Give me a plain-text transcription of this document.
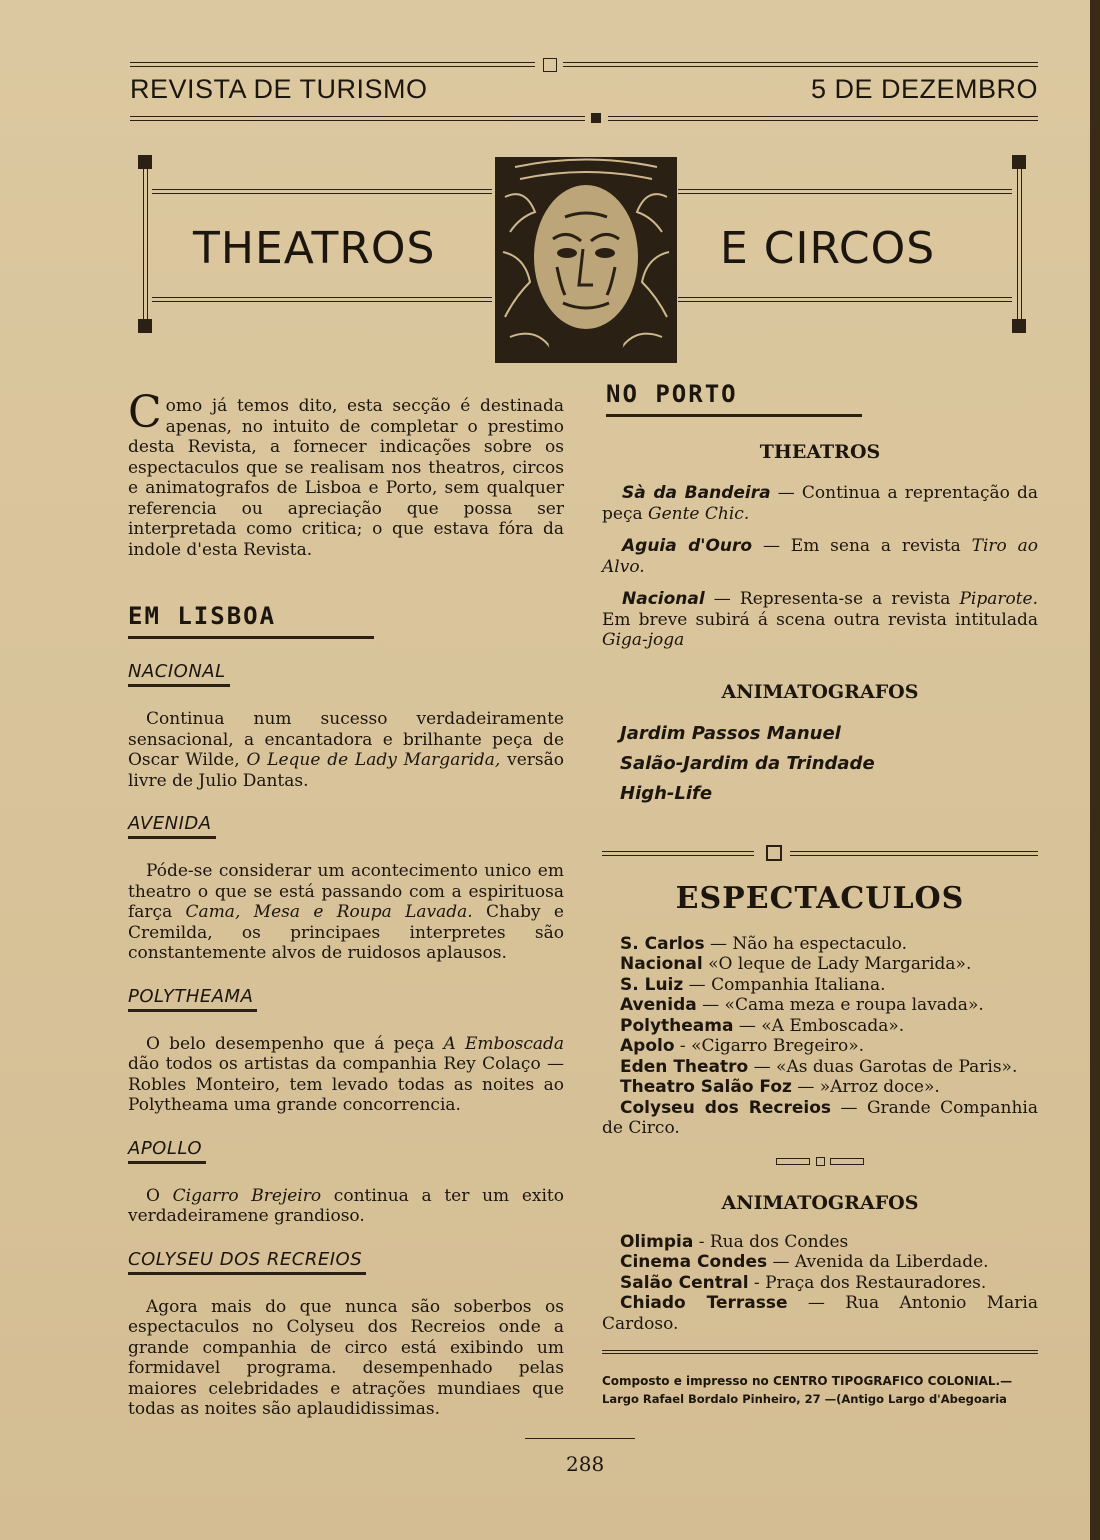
REVISTA DE TURISMO	5 DE DEZEMBRO
THEATROS	E CIRCOS
Como já temos dito, esta secção é destinada apenas, no intuito de completar o prestimo desta Revista, a fornecer indicações sobre os espectaculos que se realisam nos theatros, circos e animatografos de Lisboa e Porto, sem qualquer referencia ou apreciação que possa ser interpretada como critica; o que estava fóra da indole d'esta Revista.
EM LISBOA
NACIONAL

Continua num sucesso verdadeiramente sensacional, a encantadora e brilhante peça de Oscar Wilde, O Leque de Lady Margarida, versão livre de Julio Dantas.

AVENIDA

Póde-se considerar um acontecimento unico em theatro o que se está passando com a espirituosa farça Cama, Mesa e Roupa Lavada. Chaby e Cremilda, os principaes interpretes são constantemente alvos de ruidosos aplausos.

POLYTHEAMA

O belo desempenho que á peça A Emboscada dão todos os artistas da companhia Rey Colaço — Robles Monteiro, tem levado todas as noites ao Polytheama uma grande concorrencia.

APOLLO

O Cigarro Brejeiro continua a ter um exito verdadeiramene grandioso.

COLYSEU DOS RECREIOS

Agora mais do que nunca são soberbos os espectaculos no Colyseu dos Recreios onde a grande companhia de circo está exibindo um formidavel programa. desempenhado pelas maiores celebridades e atrações mundiaes que todas as noites são aplaudidissimas.

NO PORTO
THEATROS

Sà da Bandeira — Continua a reprentação da peça Gente Chic.

Aguia d'Ouro — Em sena a revista Tiro ao Alvo.

Nacional — Representa-se a revista Piparote. Em breve subirá á scena outra revista intitulada Giga-joga

ANIMATOGRAFOS
Jardim Passos Manuel
Salão-Jardim da Trindade
High-Life
ESPECTACULOS
S. Carlos — Não ha espectaculo.
Nacional «O leque de Lady Margarida».
S. Luiz — Companhia Italiana.
Avenida — «Cama meza e roupa lavada».
Polytheama — «A Emboscada».
Apolo - «Cigarro Bregeiro».
Eden Theatro — «As duas Garotas de Paris».
Theatro Salão Foz — »Arroz doce».
Colyseu dos Recreios — Grande Companhia de Circo.

ANIMATOGRAFOS
Olimpia - Rua dos Condes
Cinema Condes — Avenida da Liberdade.
Salão Central - Praça dos Restauradores.
Chiado Terrasse — Rua Antonio Maria Cardoso.
Composto e impresso no CENTRO TIPOGRAFICO COLONIAL.—
Largo Rafael Bordalo Pinheiro, 27 —(Antigo Largo d'Abegoaria
288
